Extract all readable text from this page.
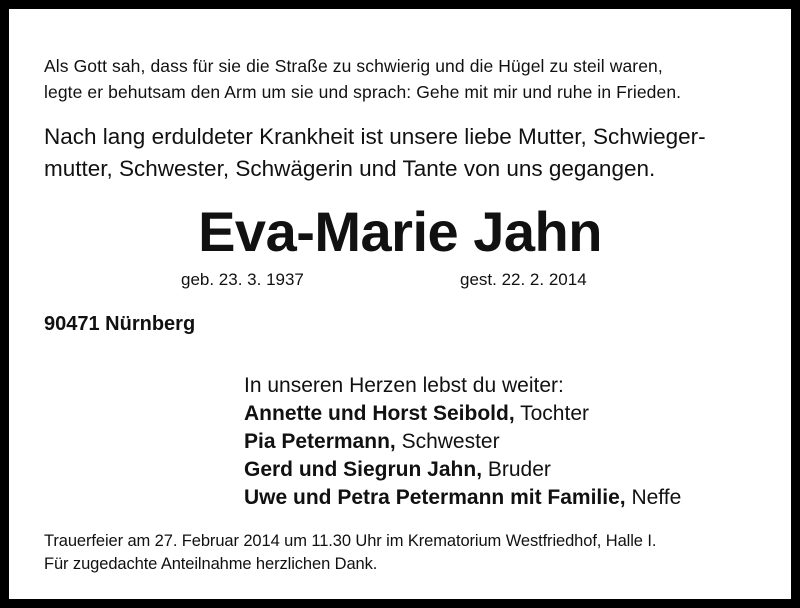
Als Gott sah, dass für sie die Straße zu schwierig und die Hügel zu steil waren,
legte er behutsam den Arm um sie und sprach: Gehe mit mir und ruhe in Frieden.
Nach lang erduldeter Krankheit ist unsere liebe Mutter, Schwieger-
mutter, Schwester, Schwägerin und Tante von uns gegangen.
Eva-Marie Jahn
geb. 23. 3. 1937	gest. 22. 2. 2014
90471 Nürnberg
In unseren Herzen lebst du weiter:
Annette und Horst Seibold, Tochter
Pia Petermann, Schwester
Gerd und Siegrun Jahn, Bruder
Uwe und Petra Petermann mit Familie, Neffe
Trauerfeier am 27. Februar 2014 um 11.30 Uhr im Krematorium Westfriedhof, Halle I.
Für zugedachte Anteilnahme herzlichen Dank.
